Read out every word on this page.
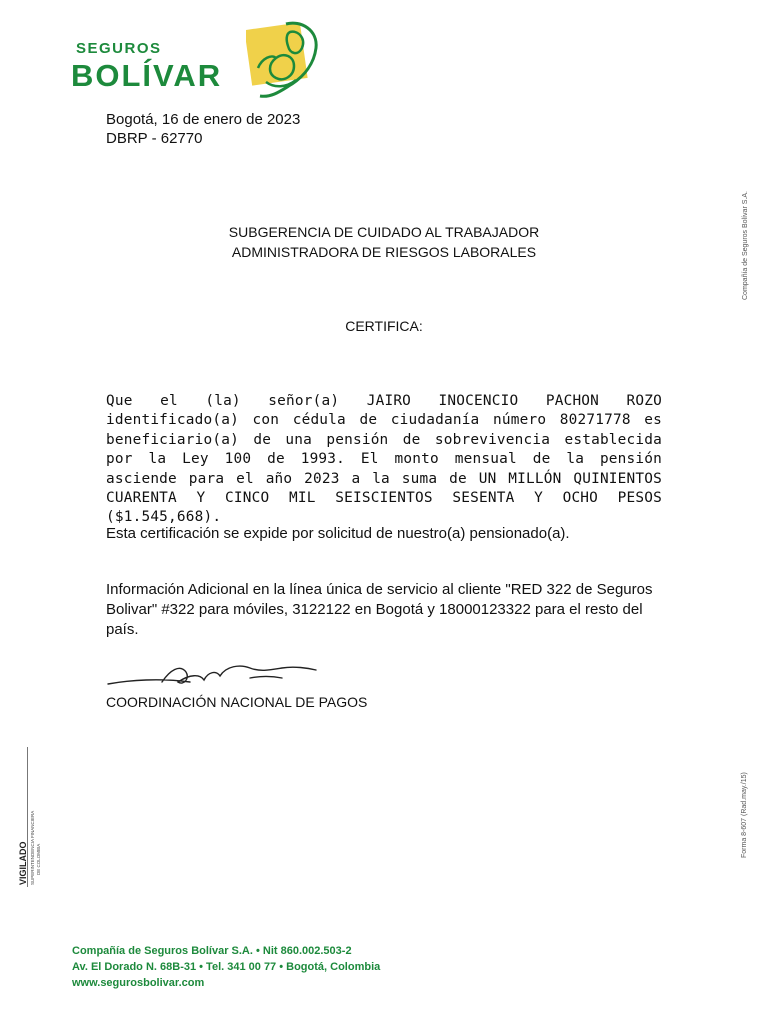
SEGUROS
BOLÍVAR
Bogotá, 16 de enero de 2023
DBRP - 62770
SUBGERENCIA DE CUIDADO AL TRABAJADOR
ADMINISTRADORA DE RIESGOS LABORALES
CERTIFICA:
Que el (la) señor(a) JAIRO INOCENCIO PACHON ROZO identificado(a) con cédula de ciudadanía número 80271778 es beneficiario(a) de una pensión de sobrevivencia establecida por la Ley 100 de 1993. El monto mensual de la pensión asciende para el año 2023 a la suma de UN MILLÓN QUINIENTOS CUARENTA Y CINCO MIL SEISCIENTOS SESENTA Y OCHO PESOS ($1.545,668).
Esta certificación se expide por solicitud de nuestro(a) pensionado(a).
Información Adicional en la línea única de servicio al cliente "RED 322 de Seguros Bolivar" #322 para móviles, 3122122 en Bogotá y 18000123322 para el resto del país.
COORDINACIÓN NACIONAL DE PAGOS
Compañía de Seguros Bolívar S.A.
Forma 8-607 (Rad.may./15)
VIGILADO SUPERINTENDENCIA FINANCIERA DE COLOMBIA
Compañía de Seguros Bolívar S.A. • Nit 860.002.503-2
Av. El Dorado N. 68B-31 • Tel. 341 00 77 • Bogotá, Colombia
www.segurosbolivar.com
